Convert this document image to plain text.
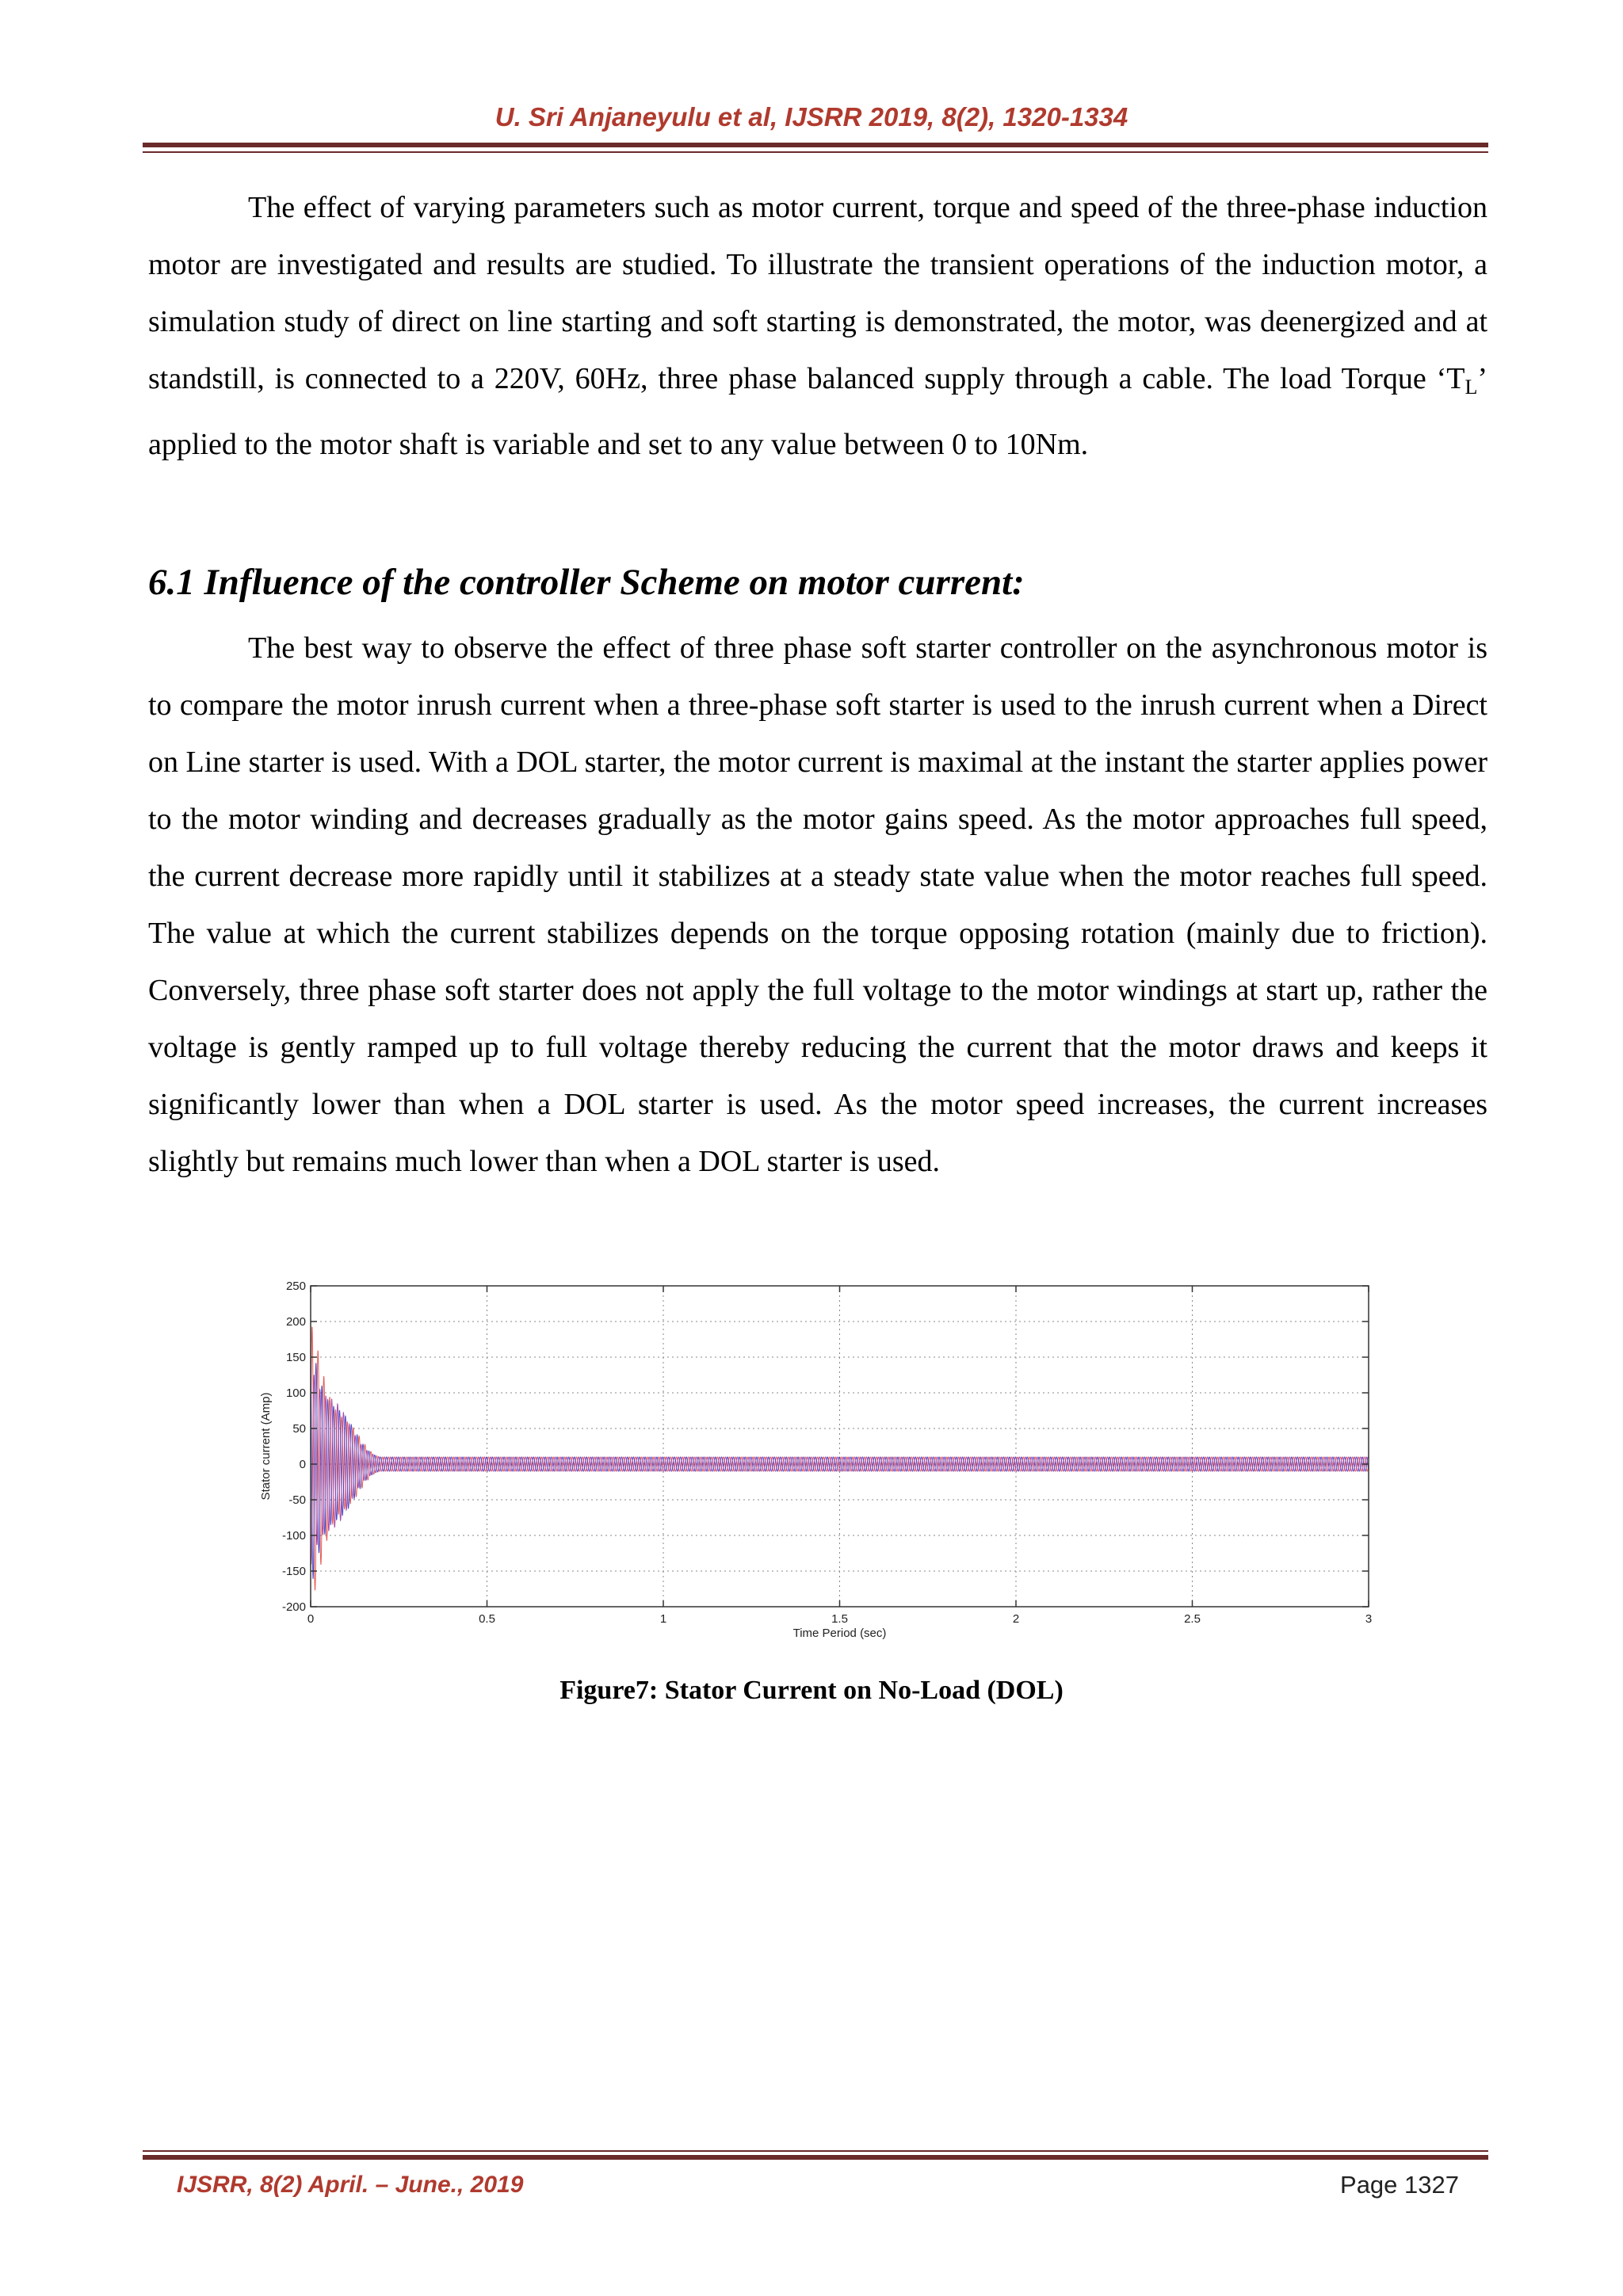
U. Sri Anjaneyulu et al, IJSRR 2019, 8(2), 1320-1334

The effect of varying parameters such as motor current, torque and speed of the three-phase induction motor are investigated and results are studied. To illustrate the transient operations of the induction motor, a simulation study of direct on line starting and soft starting is demonstrated, the motor, was deenergized and at standstill, is connected to a 220V, 60Hz, three phase balanced supply through a cable. The load Torque ‘$T_L$’ applied to the motor shaft is variable and set to any value between 0 to 10Nm.

6.1 Influence of the controller Scheme on motor current:

The best way to observe the effect of three phase soft starter controller on the asynchronous motor is to compare the motor inrush current when a three-phase soft starter is used to the inrush current when a Direct on Line starter is used. With a DOL starter, the motor current is maximal at the instant the starter applies power to the motor winding and decreases gradually as the motor gains speed. As the motor approaches full speed, the current decrease more rapidly until it stabilizes at a steady state value when the motor reaches full speed. The value at which the current stabilizes depends on the torque opposing rotation (mainly due to friction). Conversely, three phase soft starter does not apply the full voltage to the motor windings at start up, rather the voltage is gently ramped up to full voltage thereby reducing the current that the motor draws and keeps it significantly lower than when a DOL starter is used. As the motor speed increases, the current increases slightly but remains much lower than when a DOL starter is used.

0	0.5	1	1.5	2	2.5	3
-200
-150
-100
-50
0
50
100
150
200
250
Time Period (sec)
Stator current (Amp)
Figure7: Stator Current on No-Load (DOL)
IJSRR, 8(2) April. – June., 2019	Page 1327
